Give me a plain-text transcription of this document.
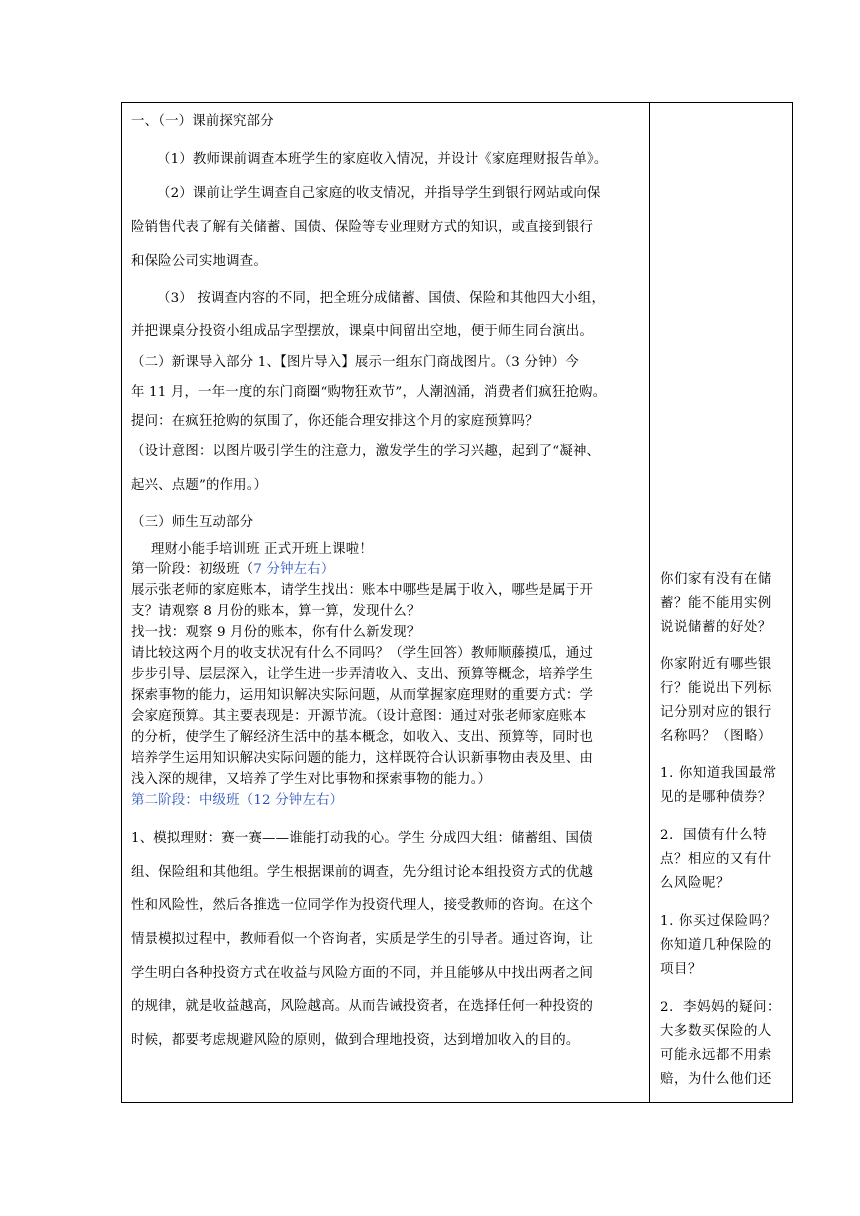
一、（一）课前探究部分
（1）教师课前调查本班学生的家庭收入情况，并设计《家庭理财报告单》。
（2）课前让学生调查自己家庭的收支情况，并指导学生到银行网站或向保
险销售代表了解有关储蓄、国债、保险等专业理财方式的知识，或直接到银行
和保险公司实地调查。
（3） 按调查内容的不同，把全班分成储蓄、国债、保险和其他四大小组，
并把课桌分投资小组成品字型摆放，课桌中间留出空地，便于师生同台演出。
（二）新课导入部分 1、【图片导入】展示一组东门商战图片。（3 分钟）今
年 11 月，一年一度的东门商圈“购物狂欢节”，人潮汹涌，消费者们疯狂抢购。
提问：在疯狂抢购的氛围了，你还能合理安排这个月的家庭预算吗？
（设计意图：以图片吸引学生的注意力，激发学生的学习兴趣，起到了“凝神、
起兴、点题”的作用。）
（三）师生互动部分
理财小能手培训班 正式开班上课啦！
第一阶段：初级班（7 分钟左右）
展示张老师的家庭账本，请学生找出：账本中哪些是属于收入，哪些是属于开
支？请观察 8 月份的账本，算一算，发现什么？
找一找：观察 9 月份的账本，你有什么新发现？
请比较这两个月的收支状况有什么不同吗？（学生回答）教师顺藤摸瓜，通过
步步引导、层层深入，让学生进一步弄清收入、支出、预算等概念，培养学生
探索事物的能力，运用知识解决实际问题，从而掌握家庭理财的重要方式：学
会家庭预算。其主要表现是：开源节流。（设计意图：通过对张老师家庭账本
的分析，使学生了解经济生活中的基本概念，如收入、支出、预算等，同时也
培养学生运用知识解决实际问题的能力，这样既符合认识新事物由表及里、由
浅入深的规律，又培养了学生对比事物和探索事物的能力。）
第二阶段：中级班（12 分钟左右）
1、模拟理财：赛一赛——谁能打动我的心。学生 分成四大组：储蓄组、国债
组、保险组和其他组。学生根据课前的调查，先分组讨论本组投资方式的优越
性和风险性，然后各推选一位同学作为投资代理人，接受教师的咨询。在这个
情景模拟过程中，教师看似一个咨询者，实质是学生的引导者。通过咨询，让
学生明白各种投资方式在收益与风险方面的不同，并且能够从中找出两者之间
的规律，就是收益越高，风险越高。从而告诫投资者，在选择任何一种投资的
时候，都要考虑规避风险的原则，做到合理地投资，达到增加收入的目的。
你们家有没有在储
蓄？能不能用实例
说说储蓄的好处？
你家附近有哪些银
行？能说出下列标
记分别对应的银行
名称吗？（图略）
1. 你知道我国最常
见的是哪种债券？
2．国债有什么特
点？相应的又有什
么风险呢？
1. 你买过保险吗？
你知道几种保险的
项目？
2．李妈妈的疑问：
大多数买保险的人
可能永远都不用索
赔，为什么他们还
